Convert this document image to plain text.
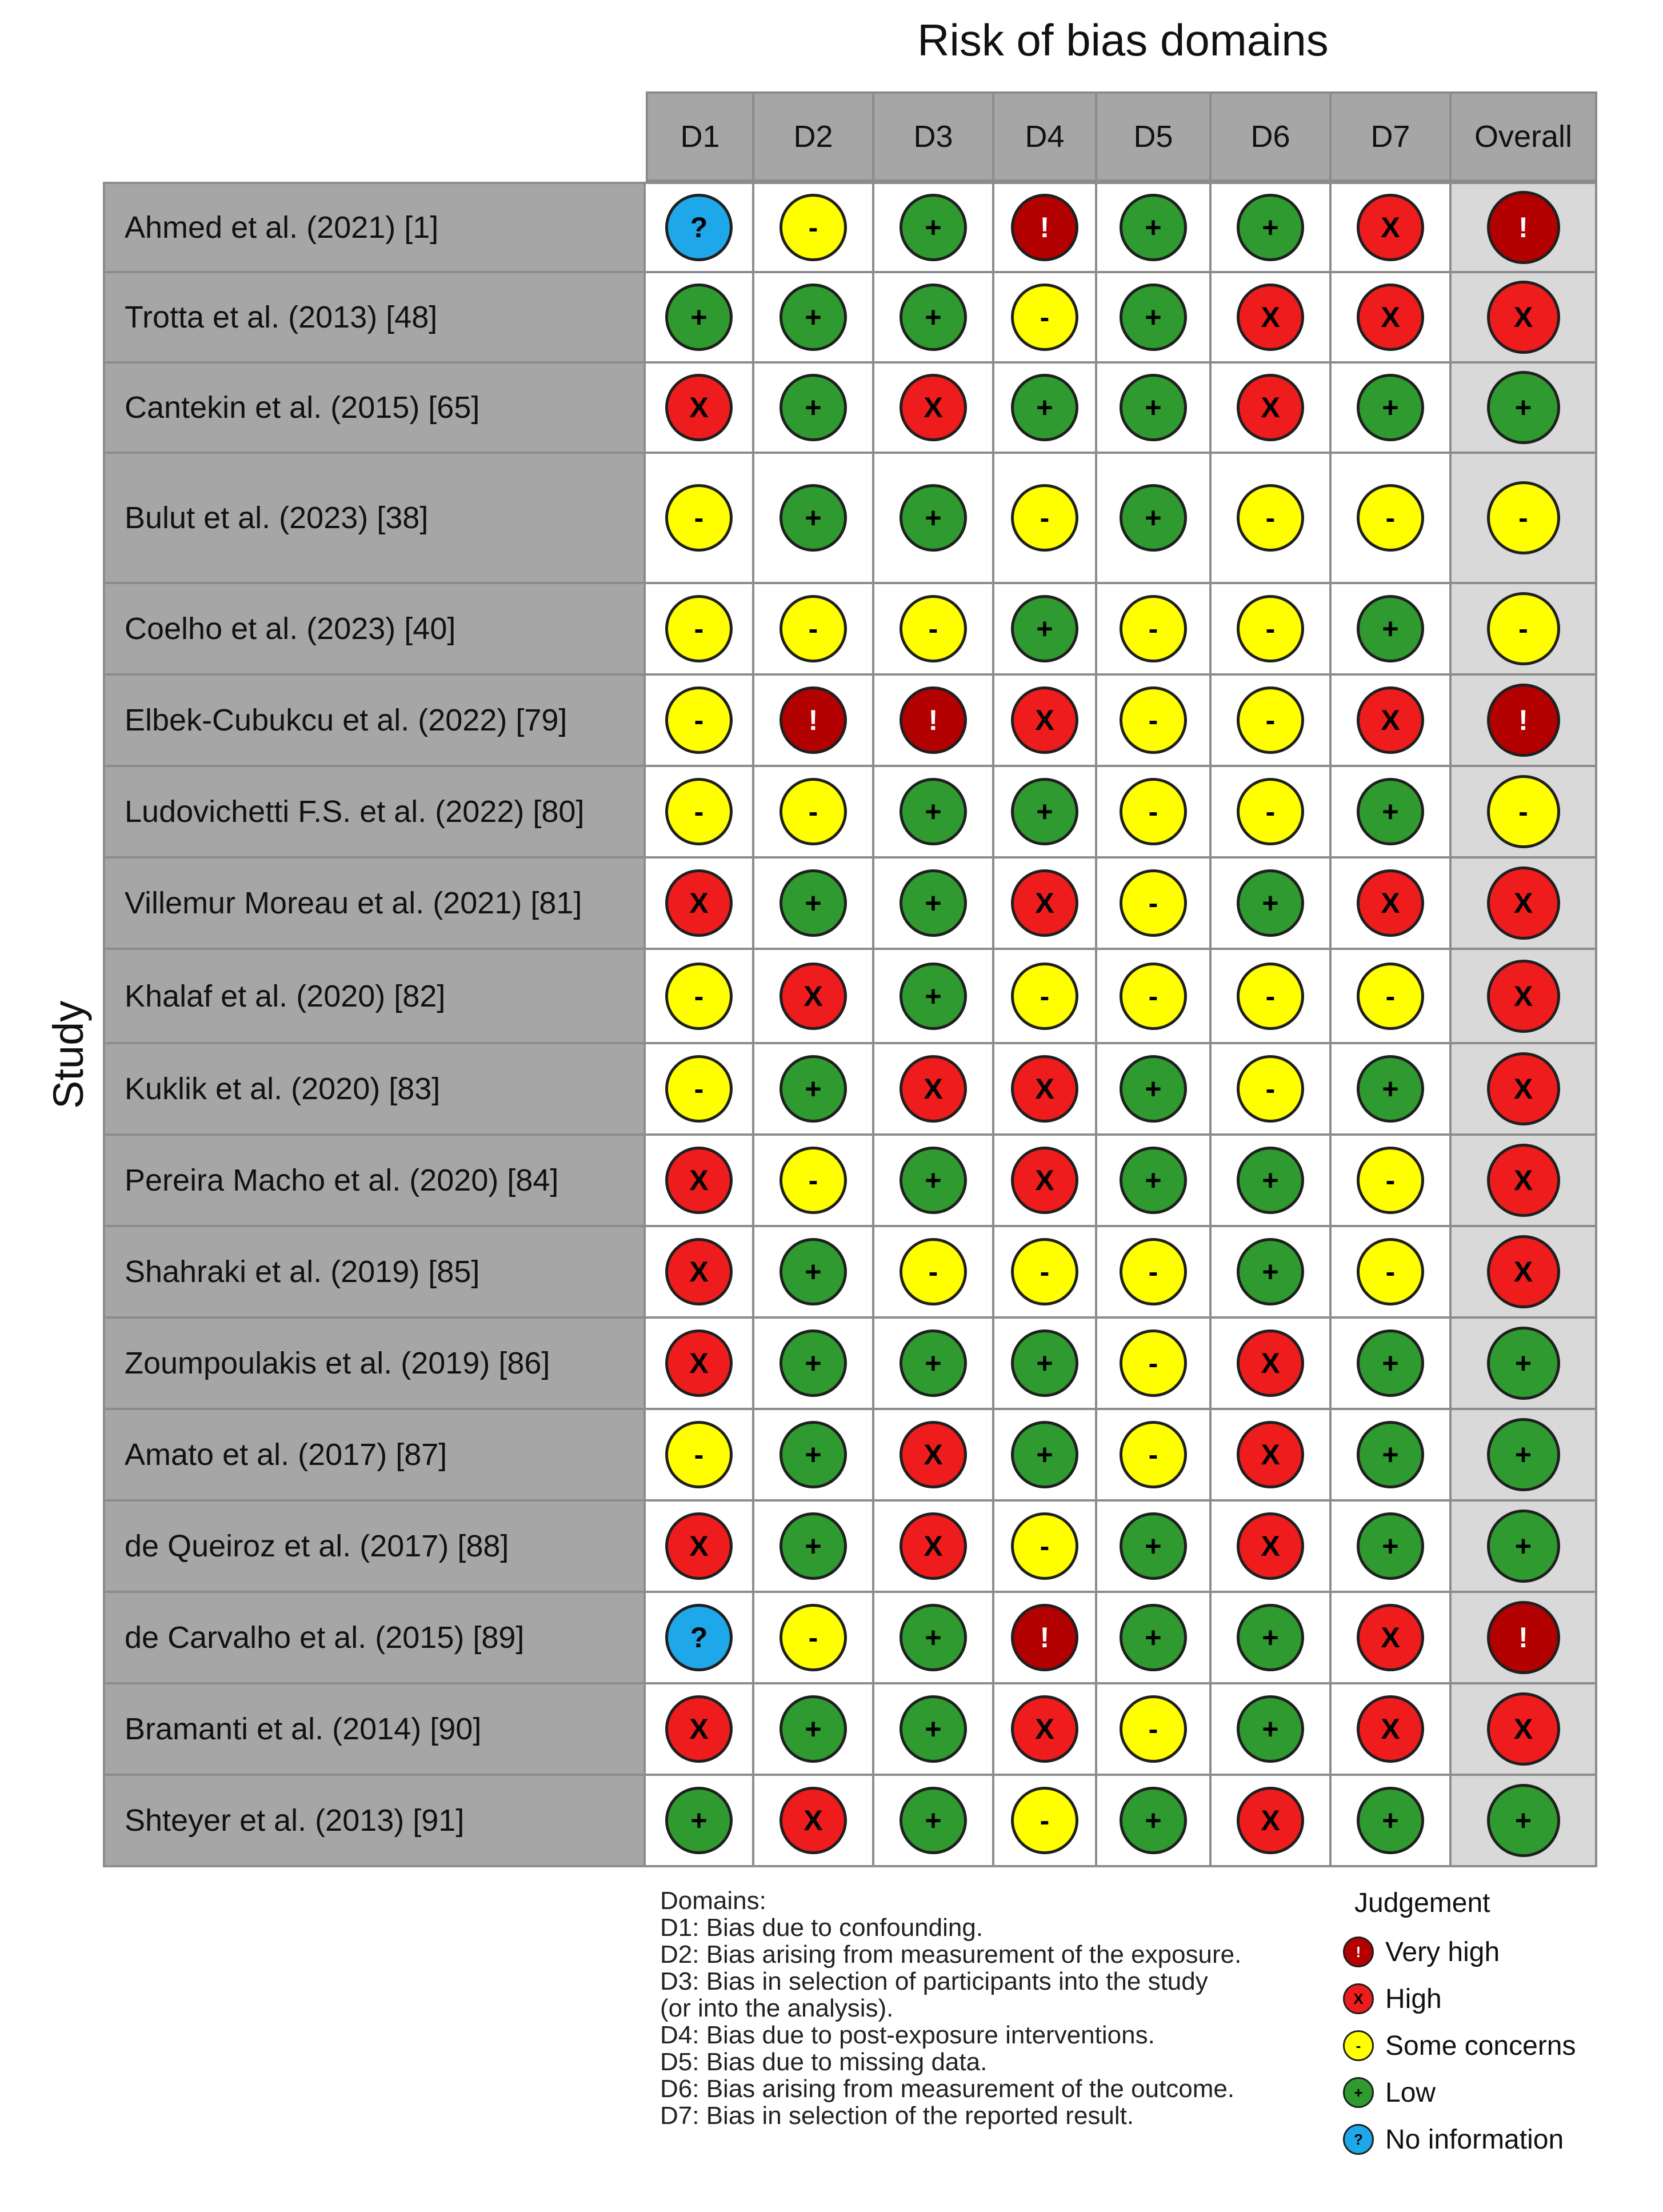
Risk of bias domains
Study
D1	D2	D3	D4	D5	D6	D7	Overall
Ahmed et al. (2021) [1]	?	-	+	!	+	+	X	!
Trotta et al. (2013) [48]	+	+	+	-	+	X	X	X
Cantekin et al. (2015) [65]	X	+	X	+	+	X	+	+
Bulut et al. (2023) [38]	-	+	+	-	+	-	-	-
Coelho et al. (2023) [40]	-	-	-	+	-	-	+	-
Elbek-Cubukcu et al. (2022) [79]	-	!	!	X	-	-	X	!
Ludovichetti F.S. et al. (2022) [80]	-	-	+	+	-	-	+	-
Villemur Moreau et al. (2021) [81]	X	+	+	X	-	+	X	X
Khalaf et al. (2020) [82]	-	X	+	-	-	-	-	X
Kuklik et al. (2020) [83]	-	+	X	X	+	-	+	X
Pereira Macho et al. (2020) [84]	X	-	+	X	+	+	-	X
Shahraki et al. (2019) [85]	X	+	-	-	-	+	-	X
Zoumpoulakis et al. (2019) [86]	X	+	+	+	-	X	+	+
Amato et al. (2017) [87]	-	+	X	+	-	X	+	+
de Queiroz et al. (2017) [88]	X	+	X	-	+	X	+	+
de Carvalho et al. (2015) [89]	?	-	+	!	+	+	X	!
Bramanti et al. (2014) [90]	X	+	+	X	-	+	X	X
Shteyer et al. (2013) [91]	+	X	+	-	+	X	+	+
Domains:
D1: Bias due to confounding.
D2: Bias arising from measurement of the exposure.
D3: Bias in selection of participants into the study
(or into the analysis).
D4: Bias due to post-exposure interventions.
D5: Bias due to missing data.
D6: Bias arising from measurement of the outcome.
D7: Bias in selection of the reported result.
Judgement
! Very high
X High
- Some concerns
+ Low
? No information
